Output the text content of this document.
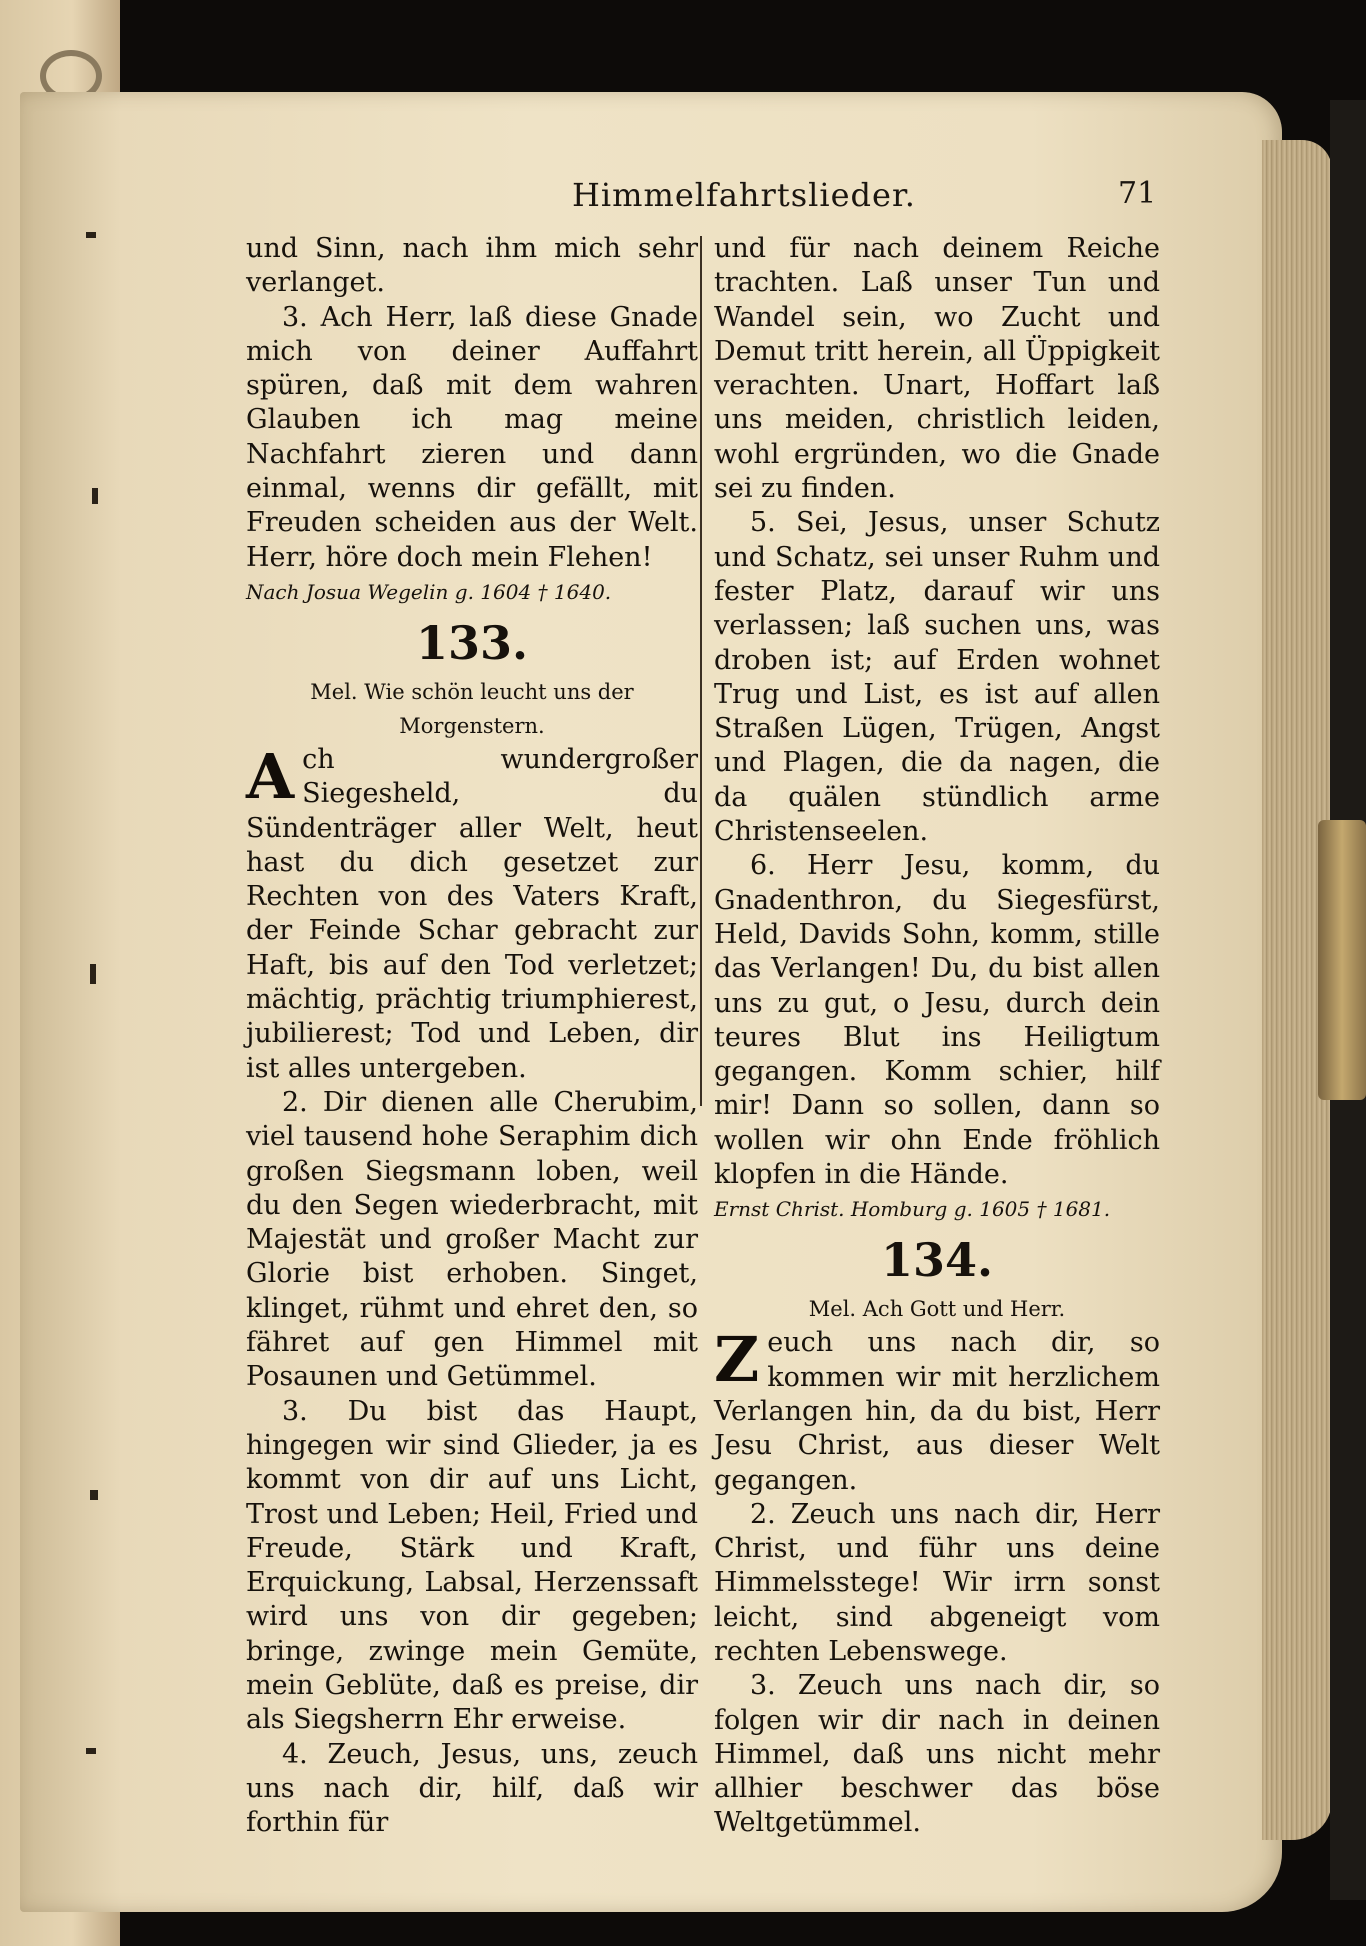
Himmelfahrtslieder.	71

und Sinn, nach ihm mich sehr verlanget.

3. Ach Herr, laß diese Gnade mich von deiner Auffahrt spüren, daß mit dem wahren Glauben ich mag meine Nachfahrt zieren und dann einmal, wenns dir gefällt, mit Freuden scheiden aus der Welt. Herr, höre doch mein Flehen!

Nach Josua Wegelin g. 1604 † 1640.

133.
Mel. Wie schön leucht uns der Morgenstern.

Ach wundergroßer Siegesheld, du Sündenträger aller Welt, heut hast du dich gesetzet zur Rechten von des Vaters Kraft, der Feinde Schar gebracht zur Haft, bis auf den Tod verletzet; mächtig, prächtig triumphierest, jubilierest; Tod und Leben, dir ist alles untergeben.

2. Dir dienen alle Cherubim, viel tausend hohe Seraphim dich großen Siegsmann loben, weil du den Segen wiederbracht, mit Majestät und großer Macht zur Glorie bist erhoben. Singet, klinget, rühmt und ehret den, so fähret auf gen Himmel mit Posaunen und Getümmel.

3. Du bist das Haupt, hingegen wir sind Glieder, ja es kommt von dir auf uns Licht, Trost und Leben; Heil, Fried und Freude, Stärk und Kraft, Erquickung, Labsal, Herzenssaft wird uns von dir gegeben; bringe, zwinge mein Gemüte, mein Geblüte, daß es preise, dir als Siegsherrn Ehr erweise.

4. Zeuch, Jesus, uns, zeuch uns nach dir, hilf, daß wir forthin für

und für nach deinem Reiche trachten. Laß unser Tun und Wandel sein, wo Zucht und Demut tritt herein, all Üppigkeit verachten. Unart, Hoffart laß uns meiden, christlich leiden, wohl ergründen, wo die Gnade sei zu finden.

5. Sei, Jesus, unser Schutz und Schatz, sei unser Ruhm und fester Platz, darauf wir uns verlassen; laß suchen uns, was droben ist; auf Erden wohnet Trug und List, es ist auf allen Straßen Lügen, Trügen, Angst und Plagen, die da nagen, die da quälen stündlich arme Christenseelen.

6. Herr Jesu, komm, du Gnadenthron, du Siegesfürst, Held, Davids Sohn, komm, stille das Verlangen! Du, du bist allen uns zu gut, o Jesu, durch dein teures Blut ins Heiligtum gegangen. Komm schier, hilf mir! Dann so sollen, dann so wollen wir ohn Ende fröhlich klopfen in die Hände.

Ernst Christ. Homburg g. 1605 † 1681.

134.
Mel. Ach Gott und Herr.

Zeuch uns nach dir, so kommen wir mit herzlichem Verlangen hin, da du bist, Herr Jesu Christ, aus dieser Welt gegangen.

2. Zeuch uns nach dir, Herr Christ, und führ uns deine Himmelsstege! Wir irrn sonst leicht, sind abgeneigt vom rechten Lebenswege.

3. Zeuch uns nach dir, so folgen wir dir nach in deinen Himmel, daß uns nicht mehr allhier beschwer das böse Weltgetümmel.
